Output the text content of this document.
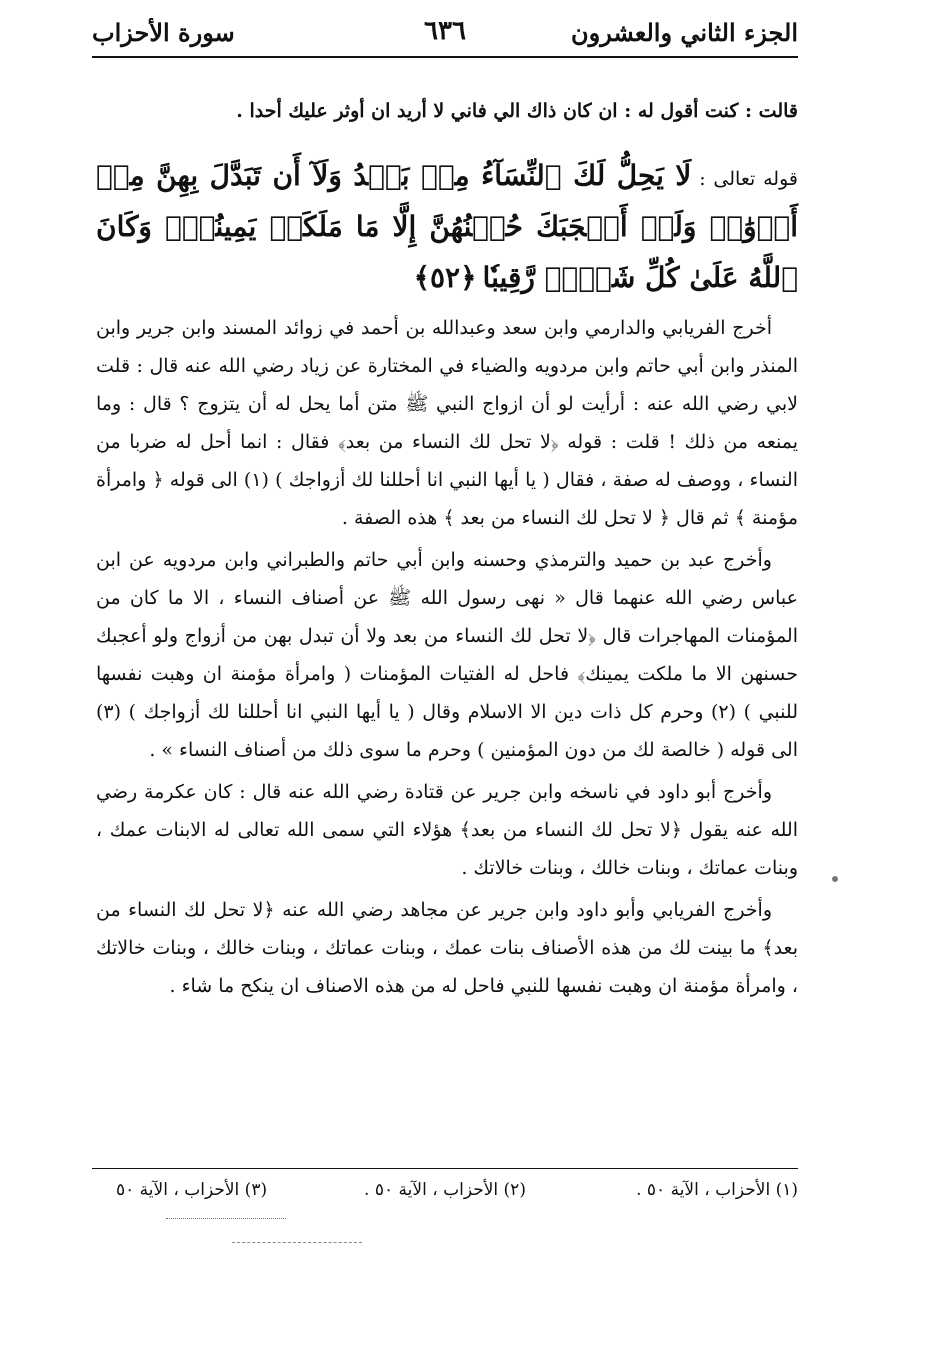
الجزء الثاني والعشرون
٦٣٦
سورة الأحزاب

قالت : كنت أقول له : ان كان ذاك الي فاني لا أريد ان أوثر عليك أحدا .

قوله تعالى : لَا يَحِلُّ لَكَ ٱلنِّسَآءُ مِنۢ بَعۡدُ وَلَآ أَن تَبَدَّلَ بِهِنَّ مِنۡ أَزۡوَٰجٖ وَلَوۡ أَعۡجَبَكَ حُسۡنُهُنَّ إِلَّا مَا مَلَكَتۡ يَمِينُكَۗ وَكَانَ ٱللَّهُ عَلَىٰ كُلِّ شَيۡءٖ رَّقِيبٗا ﴿٥٢﴾

أخرج الفريابي والدارمي وابن سعد وعبدالله بن أحمد في زوائد المسند وابن جرير وابن المنذر وابن أبي حاتم وابن مردويه والضياء في المختارة عن زياد رضي الله عنه قال : قلت لابي رضي الله عنه : أرأيت لو أن ازواج النبي ﷺ متن أما يحل له أن يتزوج ؟ قال : وما يمنعه من ذلك ! قلت : قوله ﴿لا تحل لك النساء من بعد﴾ فقال : انما أحل له ضربا من النساء ، ووصف له صفة ، فقال ( يا أيها النبي انا أحللنا لك أزواجك ) (١) الى قوله ﴿ وامرأة مؤمنة ﴾ ثم قال ﴿ لا تحل لك النساء من بعد ﴾ هذه الصفة .

وأخرج عبد بن حميد والترمذي وحسنه وابن أبي حاتم والطبراني وابن مردويه عن ابن عباس رضي الله عنهما قال « نهى رسول الله ﷺ عن أصناف النساء ، الا ما كان من المؤمنات المهاجرات قال ﴿لا تحل لك النساء من بعد ولا أن تبدل بهن من أزواج ولو أعجبك حسنهن الا ما ملكت يمينك﴾ فاحل له الفتيات المؤمنات ( وامرأة مؤمنة ان وهبت نفسها للنبي ) (٢) وحرم كل ذات دين الا الاسلام وقال ( يا أيها النبي انا أحللنا لك أزواجك ) (٣) الى قوله ( خالصة لك من دون المؤمنين ) وحرم ما سوى ذلك من أصناف النساء » .

وأخرج أبو داود في ناسخه وابن جرير عن قتادة رضي الله عنه قال : كان عكرمة رضي الله عنه يقول ﴿لا تحل لك النساء من بعد﴾ هؤلاء التي سمى الله تعالى له الابنات عمك ، وبنات عماتك ، وبنات خالك ، وبنات خالاتك .

وأخرج الفريابي وأبو داود وابن جرير عن مجاهد رضي الله عنه ﴿لا تحل لك النساء من بعد﴾ ما بينت لك من هذه الأصناف بنات عمك ، وبنات عماتك ، وبنات خالك ، وبنات خالاتك ، وامرأة مؤمنة ان وهبت نفسها للنبي فاحل له من هذه الاصناف ان ينكح ما شاء .

(١) الأحزاب ، الآية ٥٠ .
(٢) الأحزاب ، الآية ٥٠ .
(٣) الأحزاب ، الآية ٥٠
